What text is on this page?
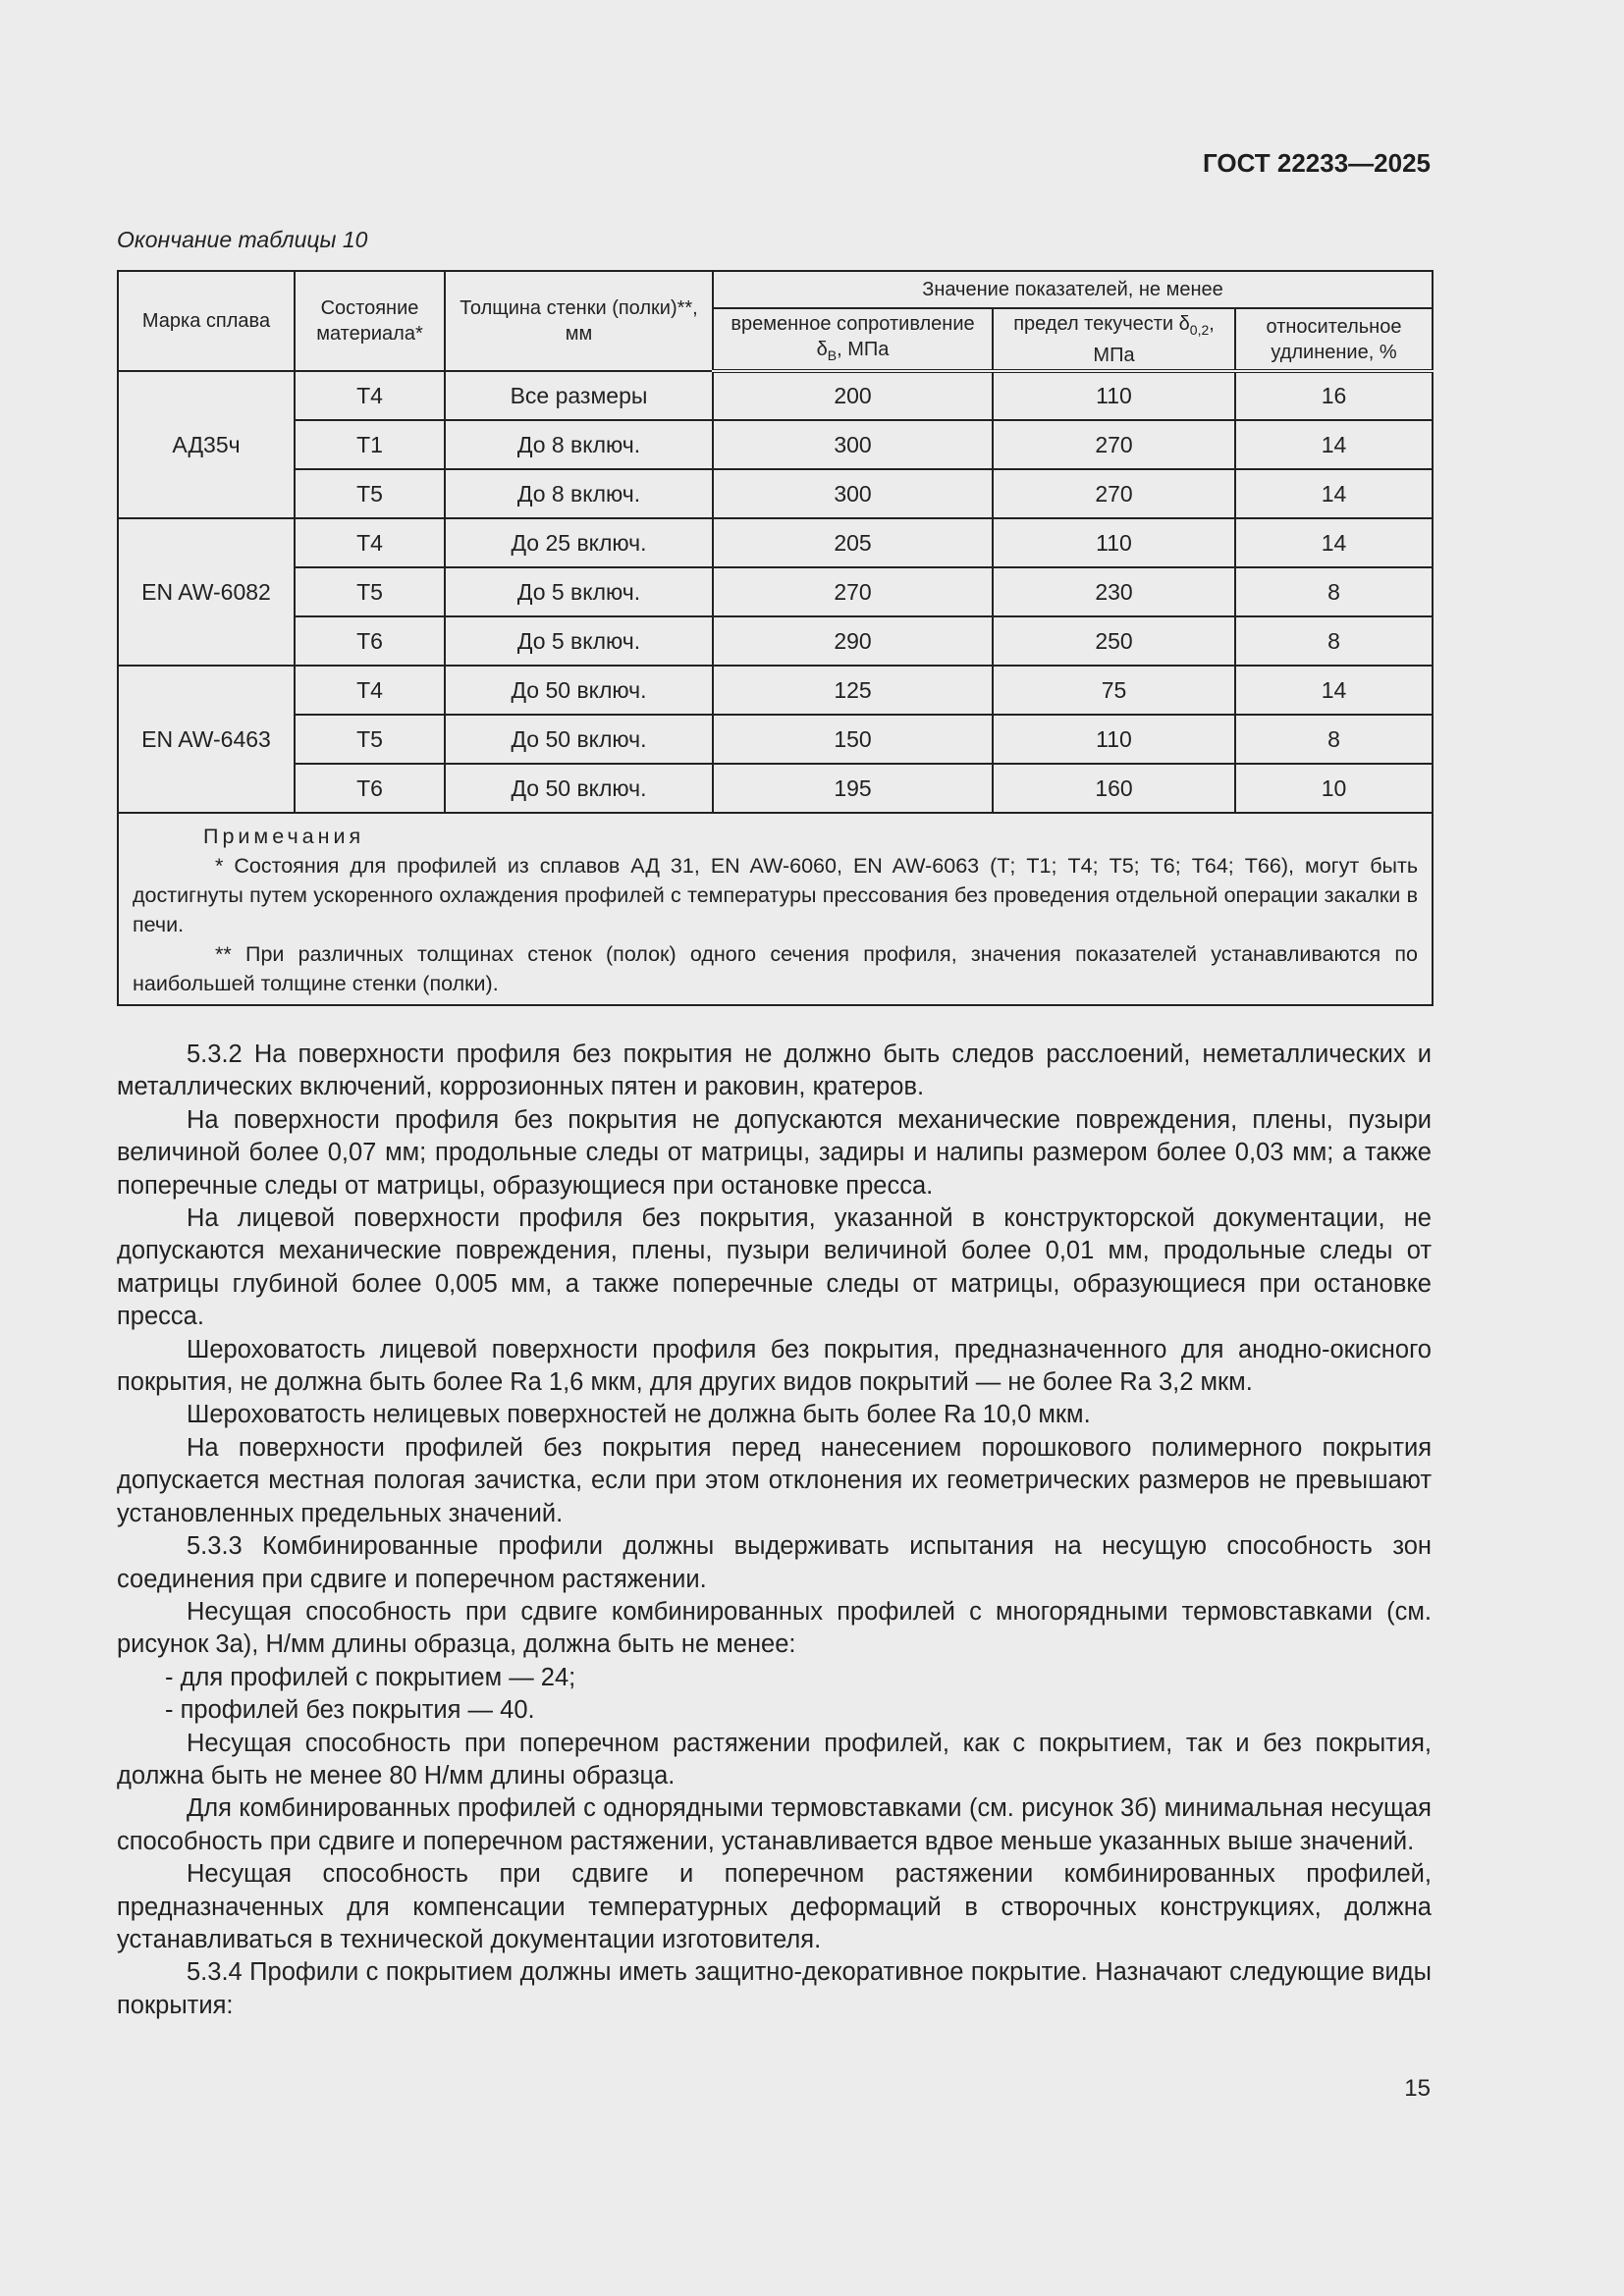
ГОСТ 22233—2025
Окончание таблицы 10
Марка сплава	Состояние материала*	Толщина стенки (полки)**, мм	Значение показателей, не менее		
			временное сопротивление $\delta_В$, МПа	предел текучести $\delta_{0,2}$, МПа	относительное удлинение, %
АД35ч	Т4	Все размеры	200	110	16
	Т1	До 8 включ.	300	270	14
	Т5	До 8 включ.	300	270	14
EN AW-6082	Т4	До 25 включ.	205	110	14
	Т5	До 5 включ.	270	230	8
	Т6	До 5 включ.	290	250	8
EN AW-6463	Т4	До 50 включ.	125	75	14
	Т5	До 50 включ.	150	110	8
	Т6	До 50 включ.	195	160	10

Примечания
* Состояния для профилей из сплавов АД 31, EN AW-6060, EN AW-6063 (Т; Т1; Т4; Т5; Т6; Т64; Т66), могут быть достигнуты путем ускоренного охлаждения профилей с температуры прессования без проведения отдельной операции закалки в печи.
** При различных толщинах стенок (полок) одного сечения профиля, значения показателей устанавливаются по наибольшей толщине стенки (полки).					

5.3.2 На поверхности профиля без покрытия не должно быть следов расслоений, неметаллических и металлических включений, коррозионных пятен и раковин, кратеров.

На поверхности профиля без покрытия не допускаются механические повреждения, плены, пузыри величиной более 0,07 мм; продольные следы от матрицы, задиры и налипы размером более 0,03 мм; а также поперечные следы от матрицы, образующиеся при остановке пресса.

На лицевой поверхности профиля без покрытия, указанной в конструкторской документации, не допускаются механические повреждения, плены, пузыри величиной более 0,01 мм, продольные следы от матрицы глубиной более 0,005 мм, а также поперечные следы от матрицы, образующиеся при остановке пресса.

Шероховатость лицевой поверхности профиля без покрытия, предназначенного для анодно-окисного покрытия, не должна быть более Ra 1,6 мкм, для других видов покрытий — не более Ra 3,2 мкм.

Шероховатость нелицевых поверхностей не должна быть более Ra 10,0 мкм.

На поверхности профилей без покрытия перед нанесением порошкового полимерного покрытия допускается местная пологая зачистка, если при этом отклонения их геометрических размеров не превышают установленных предельных значений.

5.3.3 Комбинированные профили должны выдерживать испытания на несущую способность зон соединения при сдвиге и поперечном растяжении.

Несущая способность при сдвиге комбинированных профилей с многорядными термовставками (см. рисунок 3а), Н/мм длины образца, должна быть не менее:

- для профилей с покрытием — 24;

- профилей без покрытия — 40.

Несущая способность при поперечном растяжении профилей, как с покрытием, так и без покрытия, должна быть не менее 80 Н/мм длины образца.

Для комбинированных профилей с однорядными термовставками (см. рисунок 3б) минимальная несущая способность при сдвиге и поперечном растяжении, устанавливается вдвое меньше указанных выше значений.

Несущая способность при сдвиге и поперечном растяжении комбинированных профилей, предназначенных для компенсации температурных деформаций в створочных конструкциях, должна устанавливаться в технической документации изготовителя.

5.3.4 Профили с покрытием должны иметь защитно-декоративное покрытие. Назначают следующие виды покрытия:

15
